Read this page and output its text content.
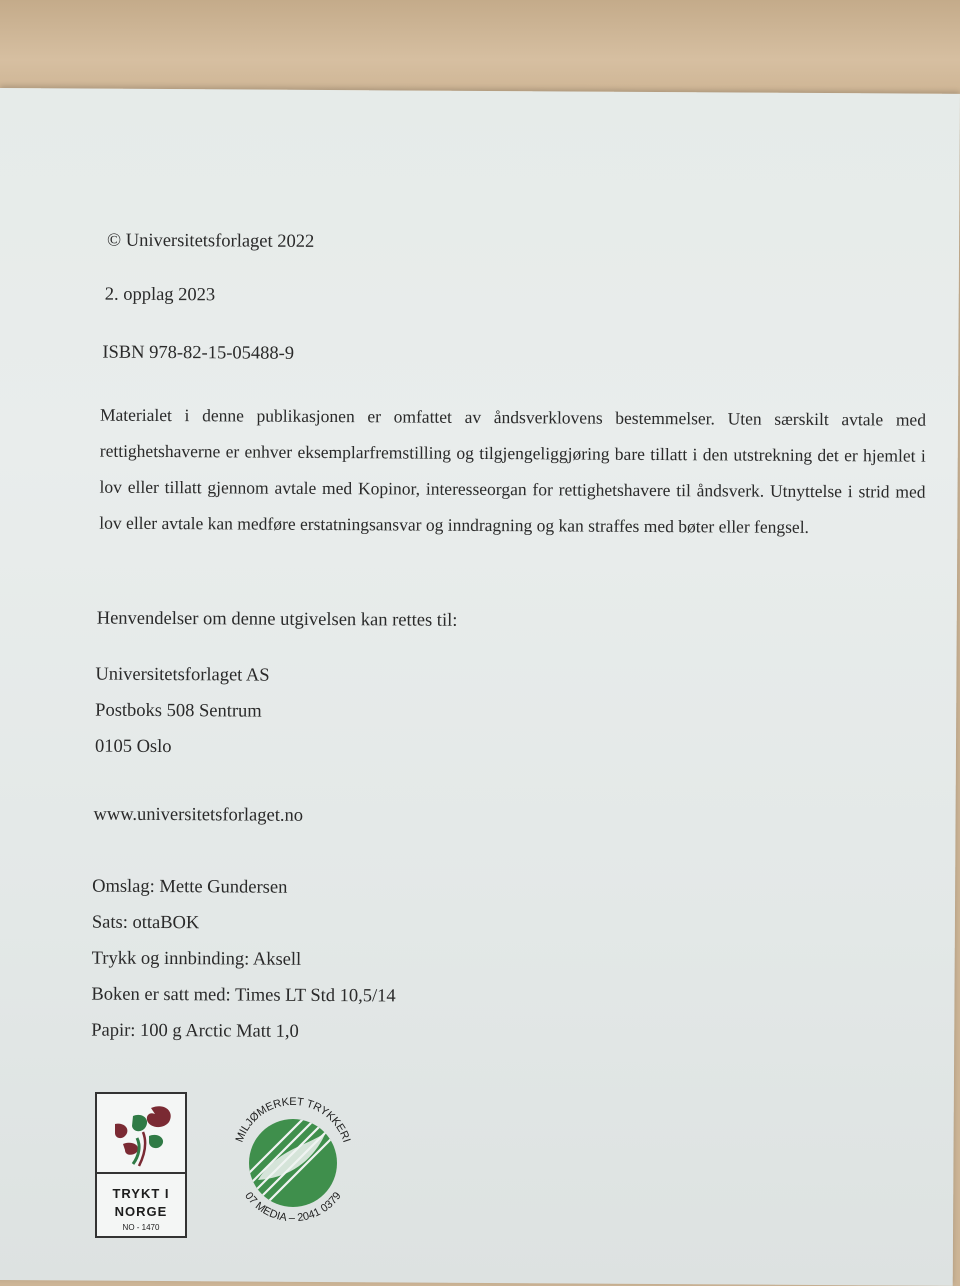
© Universitetsforlaget 2022
2. opplag 2023
ISBN 978-82-15-05488-9
Materialet i denne publikasjonen er omfattet av åndsverklovens bestemmelser. Uten særskilt avtale med rettighetshaverne er enhver eksemplarfremstilling og tilgjengeliggjøring bare tillatt i den utstrekning det er hjemlet i lov eller tillatt gjennom avtale med Kopinor, interesseorgan for rettighetshavere til åndsverk. Utnyttelse i strid med lov eller avtale kan medføre erstatningsansvar og inndragning og kan straffes med bøter eller fengsel.
Henvendelser om denne utgivelsen kan rettes til:
Universitetsforlaget AS
Postboks 508 Sentrum
0105 Oslo
www.universitetsforlaget.no
Omslag: Mette Gundersen
Sats: ottaBOK
Trykk og innbinding: Aksell
Boken er satt med: Times LT Std 10,5/14
Papir: 100 g Arctic Matt 1,0
TRYKT I
NORGE
NO - 1470
MILJØMERKET TRYKKERI
07 MEDIA – 2041 0379
